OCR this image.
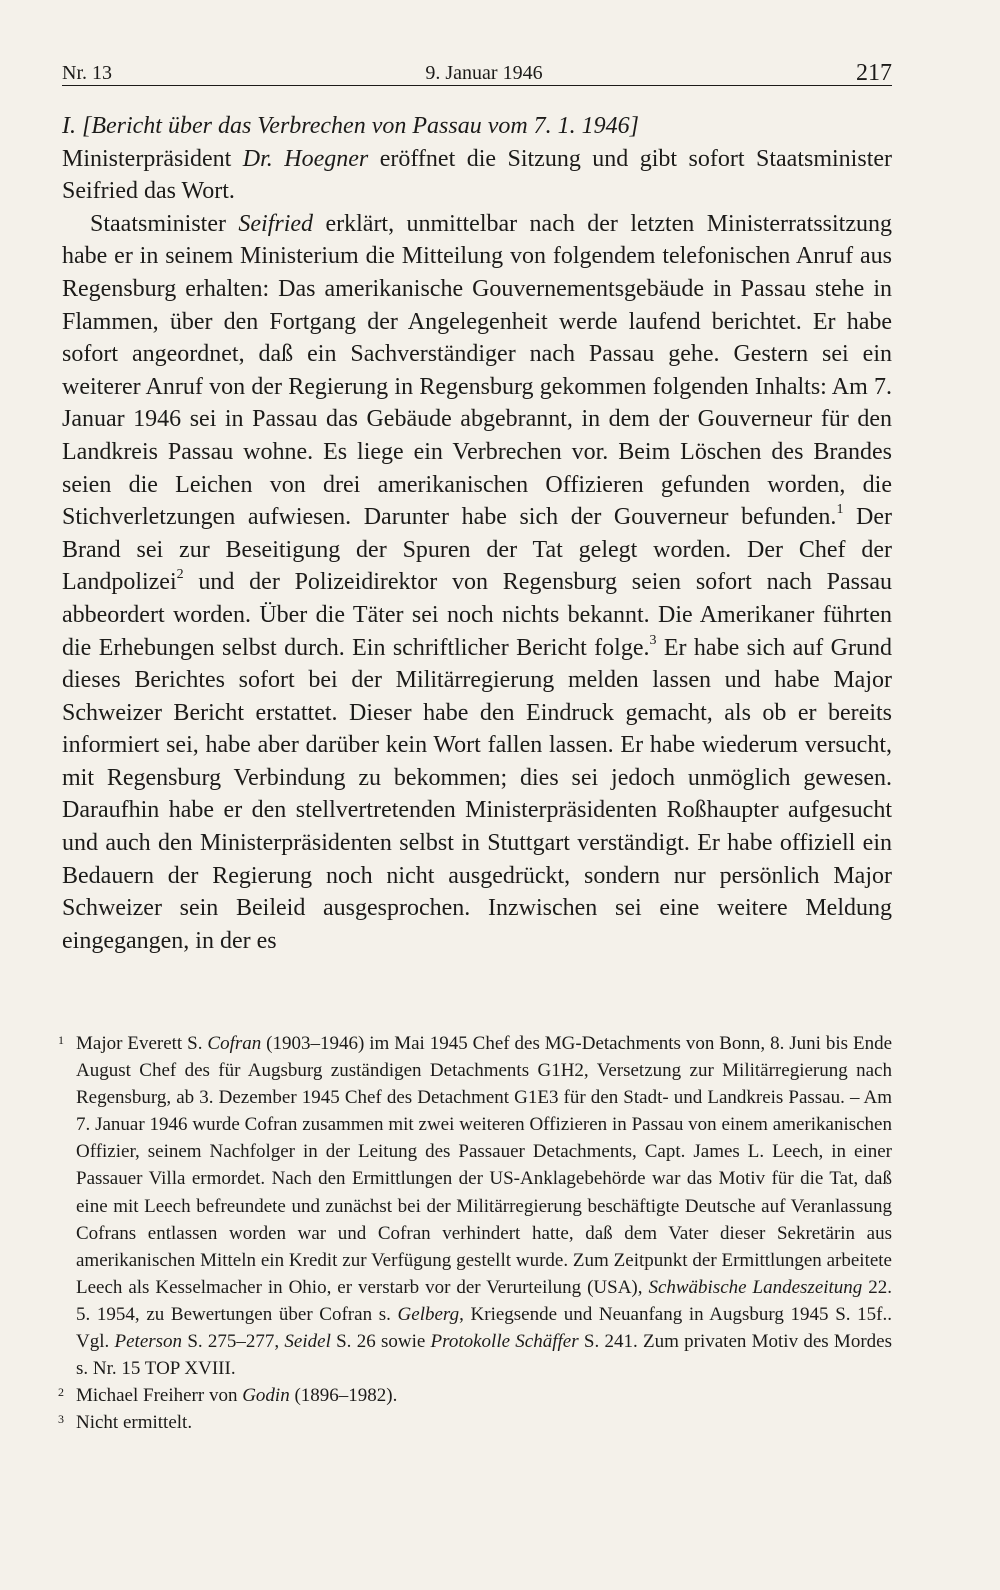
Nr. 13	9. Januar 1946	217

I. [Bericht über das Verbrechen von Passau vom 7. 1. 1946]

Ministerpräsident Dr. Hoegner eröffnet die Sitzung und gibt sofort Staatsminister Seifried das Wort.

Staatsminister Seifried erklärt, unmittelbar nach der letzten Ministerratssitzung habe er in seinem Ministerium die Mitteilung von folgendem telefonischen Anruf aus Regensburg erhalten: Das amerikanische Gouvernementsgebäude in Passau stehe in Flammen, über den Fortgang der Angelegenheit werde laufend berichtet. Er habe sofort angeordnet, daß ein Sachverständiger nach Passau gehe. Gestern sei ein weiterer Anruf von der Regierung in Regensburg gekommen folgenden Inhalts: Am 7. Januar 1946 sei in Passau das Gebäude abgebrannt, in dem der Gouverneur für den Landkreis Passau wohne. Es liege ein Verbrechen vor. Beim Löschen des Brandes seien die Leichen von drei amerikanischen Offizieren gefunden worden, die Stichverletzungen aufwiesen. Darunter habe sich der Gouverneur befunden.$^1$ Der Brand sei zur Beseitigung der Spuren der Tat gelegt worden. Der Chef der Landpolizei$^2$ und der Polizeidirektor von Regensburg seien sofort nach Passau abbeordert worden. Über die Täter sei noch nichts bekannt. Die Amerikaner führten die Erhebungen selbst durch. Ein schriftlicher Bericht folge.$^3$ Er habe sich auf Grund dieses Berichtes sofort bei der Militärregierung melden lassen und habe Major Schweizer Bericht erstattet. Dieser habe den Eindruck gemacht, als ob er bereits informiert sei, habe aber darüber kein Wort fallen lassen. Er habe wiederum versucht, mit Regensburg Verbindung zu bekommen; dies sei jedoch unmöglich gewesen. Daraufhin habe er den stellvertretenden Ministerpräsidenten Roßhaupter aufgesucht und auch den Ministerpräsidenten selbst in Stuttgart verständigt. Er habe offiziell ein Bedauern der Regierung noch nicht ausgedrückt, sondern nur persönlich Major Schweizer sein Beileid ausgesprochen. Inzwischen sei eine weitere Meldung eingegangen, in der es

1 Major Everett S. Cofran (1903–1946) im Mai 1945 Chef des MG-Detachments von Bonn, 8. Juni bis Ende August Chef des für Augsburg zuständigen Detachments G1H2, Versetzung zur Militärregierung nach Regensburg, ab 3. Dezember 1945 Chef des Detachment G1E3 für den Stadt- und Landkreis Passau. – Am 7. Januar 1946 wurde Cofran zusammen mit zwei weiteren Offizieren in Passau von einem amerikanischen Offizier, seinem Nachfolger in der Leitung des Passauer Detachments, Capt. James L. Leech, in einer Passauer Villa ermordet. Nach den Ermittlungen der US-Anklagebehörde war das Motiv für die Tat, daß eine mit Leech befreundete und zunächst bei der Militärregierung beschäftigte Deutsche auf Veranlassung Cofrans entlassen worden war und Cofran verhindert hatte, daß dem Vater dieser Sekretärin aus amerikanischen Mitteln ein Kredit zur Verfügung gestellt wurde. Zum Zeitpunkt der Ermittlungen arbeitete Leech als Kesselmacher in Ohio, er verstarb vor der Verurteilung (USA), Schwäbische Landeszeitung 22. 5. 1954, zu Bewertungen über Cofran s. Gelberg, Kriegsende und Neuanfang in Augsburg 1945 S. 15f.. Vgl. Peterson S. 275–277, Seidel S. 26 sowie Protokolle Schäffer S. 241. Zum privaten Motiv des Mordes s. Nr. 15 TOP XVIII.
2 Michael Freiherr von Godin (1896–1982).
3 Nicht ermittelt.
